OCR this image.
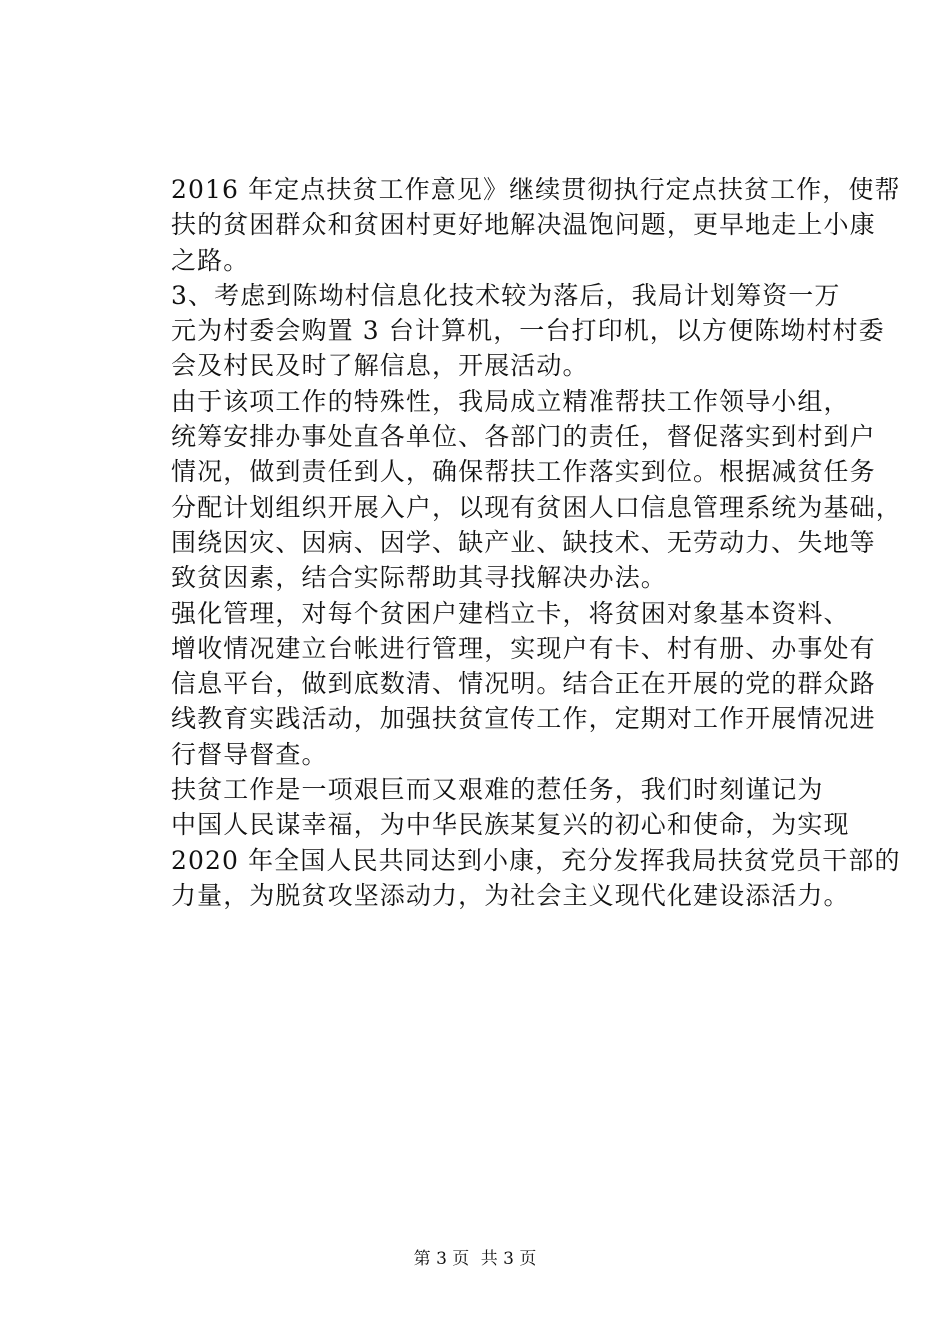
2016 年定点扶贫工作意见》继续贯彻执行定点扶贫工作，使帮
扶的贫困群众和贫困村更好地解决温饱问题，更早地走上小康
之路。
3、考虑到陈坳村信息化技术较为落后，我局计划筹资一万
元为村委会购置 3 台计算机，一台打印机，以方便陈坳村村委
会及村民及时了解信息，开展活动。
由于该项工作的特殊性，我局成立精准帮扶工作领导小组，
统筹安排办事处直各单位、各部门的责任，督促落实到村到户
情况，做到责任到人，确保帮扶工作落实到位。根据减贫任务
分配计划组织开展入户，以现有贫困人口信息管理系统为基础，
围绕因灾、因病、因学、缺产业、缺技术、无劳动力、失地等
致贫因素，结合实际帮助其寻找解决办法。
强化管理，对每个贫困户建档立卡，将贫困对象基本资料、
增收情况建立台帐进行管理，实现户有卡、村有册、办事处有
信息平台，做到底数清、情况明。结合正在开展的党的群众路
线教育实践活动，加强扶贫宣传工作，定期对工作开展情况进
行督导督查。
扶贫工作是一项艰巨而又艰难的惹任务，我们时刻谨记为
中国人民谋幸福，为中华民族某复兴的初心和使命，为实现
2020 年全国人民共同达到小康，充分发挥我局扶贫党员干部的
力量，为脱贫攻坚添动力，为社会主义现代化建设添活力。
第 3 页 共 3 页
